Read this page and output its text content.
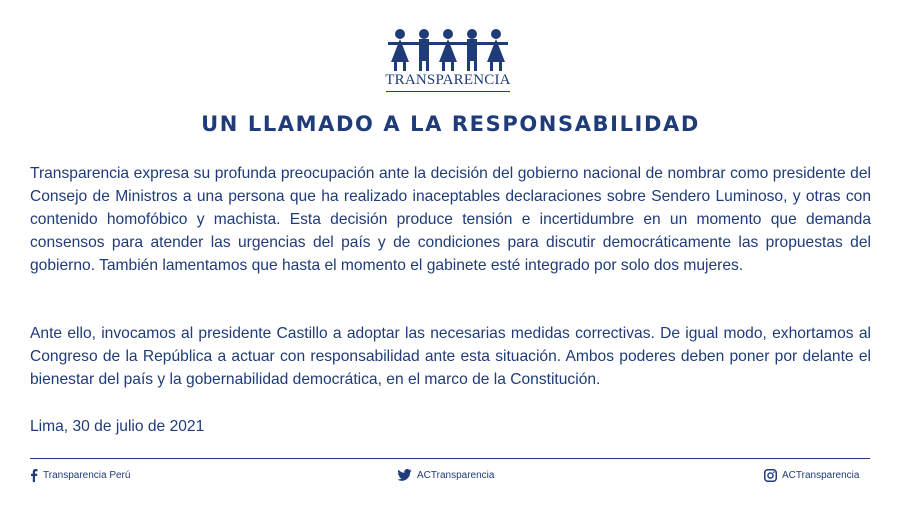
TRANSPARENCIA
UN LLAMADO A LA RESPONSABILIDAD

Transparencia expresa su profunda preocupación ante la decisión del gobierno nacional de nombrar como presidente del Consejo de Ministros a una persona que ha realizado inaceptables declaraciones sobre Sendero Luminoso, y otras con contenido homofóbico y machista. Esta decisión produce tensión e incertidumbre en un momento que demanda consensos para atender las urgencias del país y de condiciones para discutir democráticamente las propuestas del gobierno. También lamentamos que hasta el momento el gabinete esté integrado por solo dos mujeres.

Ante ello, invocamos al presidente Castillo a adoptar las necesarias medidas correctivas. De igual modo, exhortamos al Congreso de la República a actuar con responsabilidad ante esta situación. Ambos poderes deben poner por delante el bienestar del país y la gobernabilidad democrática, en el marco de la Constitución.

Lima, 30 de julio de 2021
Transparencia Perú	ACTransparencia	ACTransparencia
